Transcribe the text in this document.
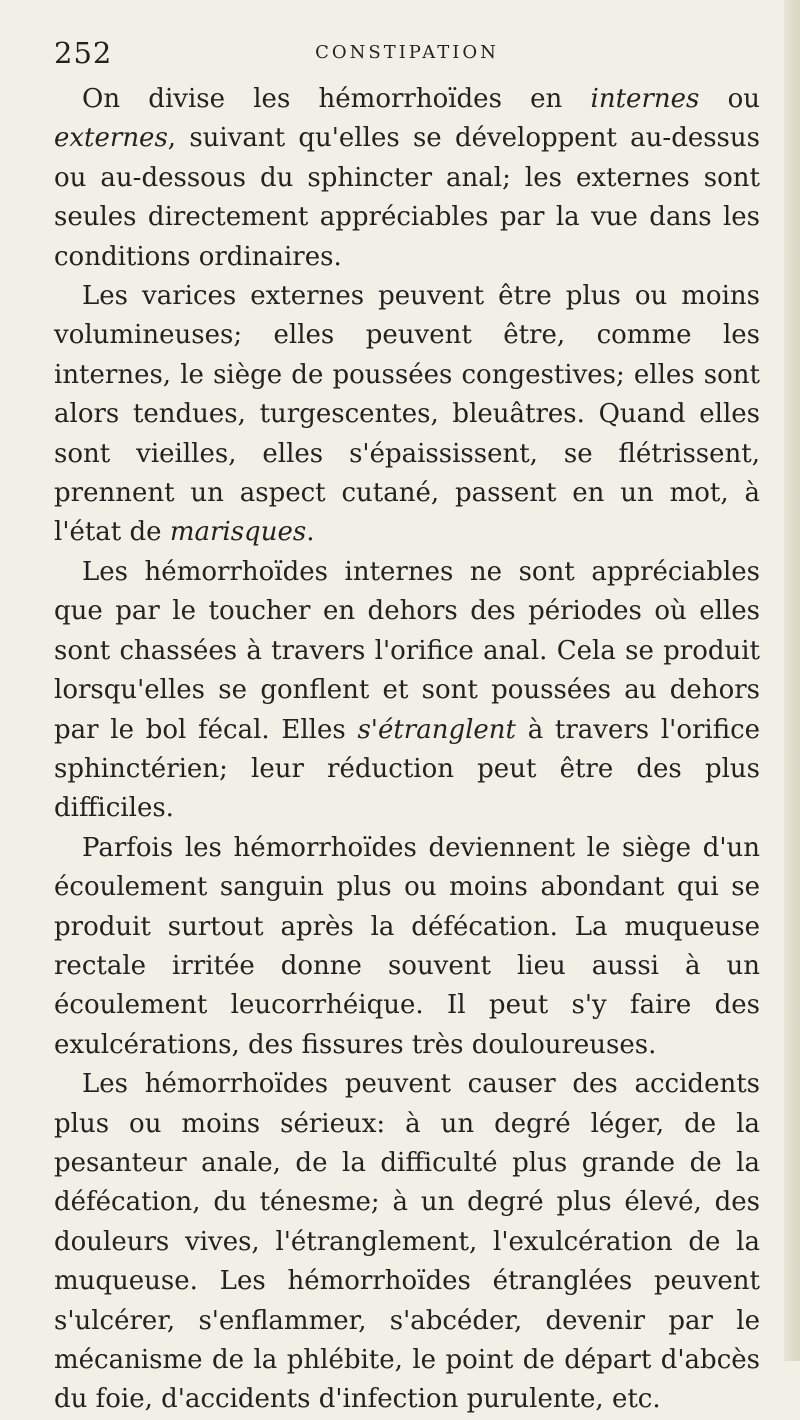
252	CONSTIPATION

On divise les hémorrhoïdes en internes ou externes, suivant qu'elles se développent au-dessus ou au-dessous du sphincter anal; les externes sont seules directement appréciables par la vue dans les conditions ordinaires.

Les varices externes peuvent être plus ou moins volumineuses; elles peuvent être, comme les internes, le siège de poussées congestives; elles sont alors tendues, turgescentes, bleuâtres. Quand elles sont vieilles, elles s'épaississent, se flétrissent, prennent un aspect cutané, passent en un mot, à l'état de marisques.

Les hémorrhoïdes internes ne sont appréciables que par le toucher en dehors des périodes où elles sont chassées à travers l'orifice anal. Cela se produit lorsqu'elles se gonflent et sont poussées au dehors par le bol fécal. Elles s'étranglent à travers l'orifice sphinctérien; leur réduction peut être des plus difficiles.

Parfois les hémorrhoïdes deviennent le siège d'un écoulement sanguin plus ou moins abondant qui se produit surtout après la défécation. La muqueuse rectale irritée donne souvent lieu aussi à un écoulement leucorrhéique. Il peut s'y faire des exulcérations, des fissures très douloureuses.

Les hémorrhoïdes peuvent causer des accidents plus ou moins sérieux: à un degré léger, de la pesanteur anale, de la difficulté plus grande de la défécation, du ténesme; à un degré plus élevé, des douleurs vives, l'étranglement, l'exulcération de la muqueuse. Les hémorrhoïdes étranglées peuvent s'ulcérer, s'enflammer, s'abcéder, devenir par le mécanisme de la phlébite, le point de départ d'abcès du foie, d'accidents d'infection purulente, etc.
